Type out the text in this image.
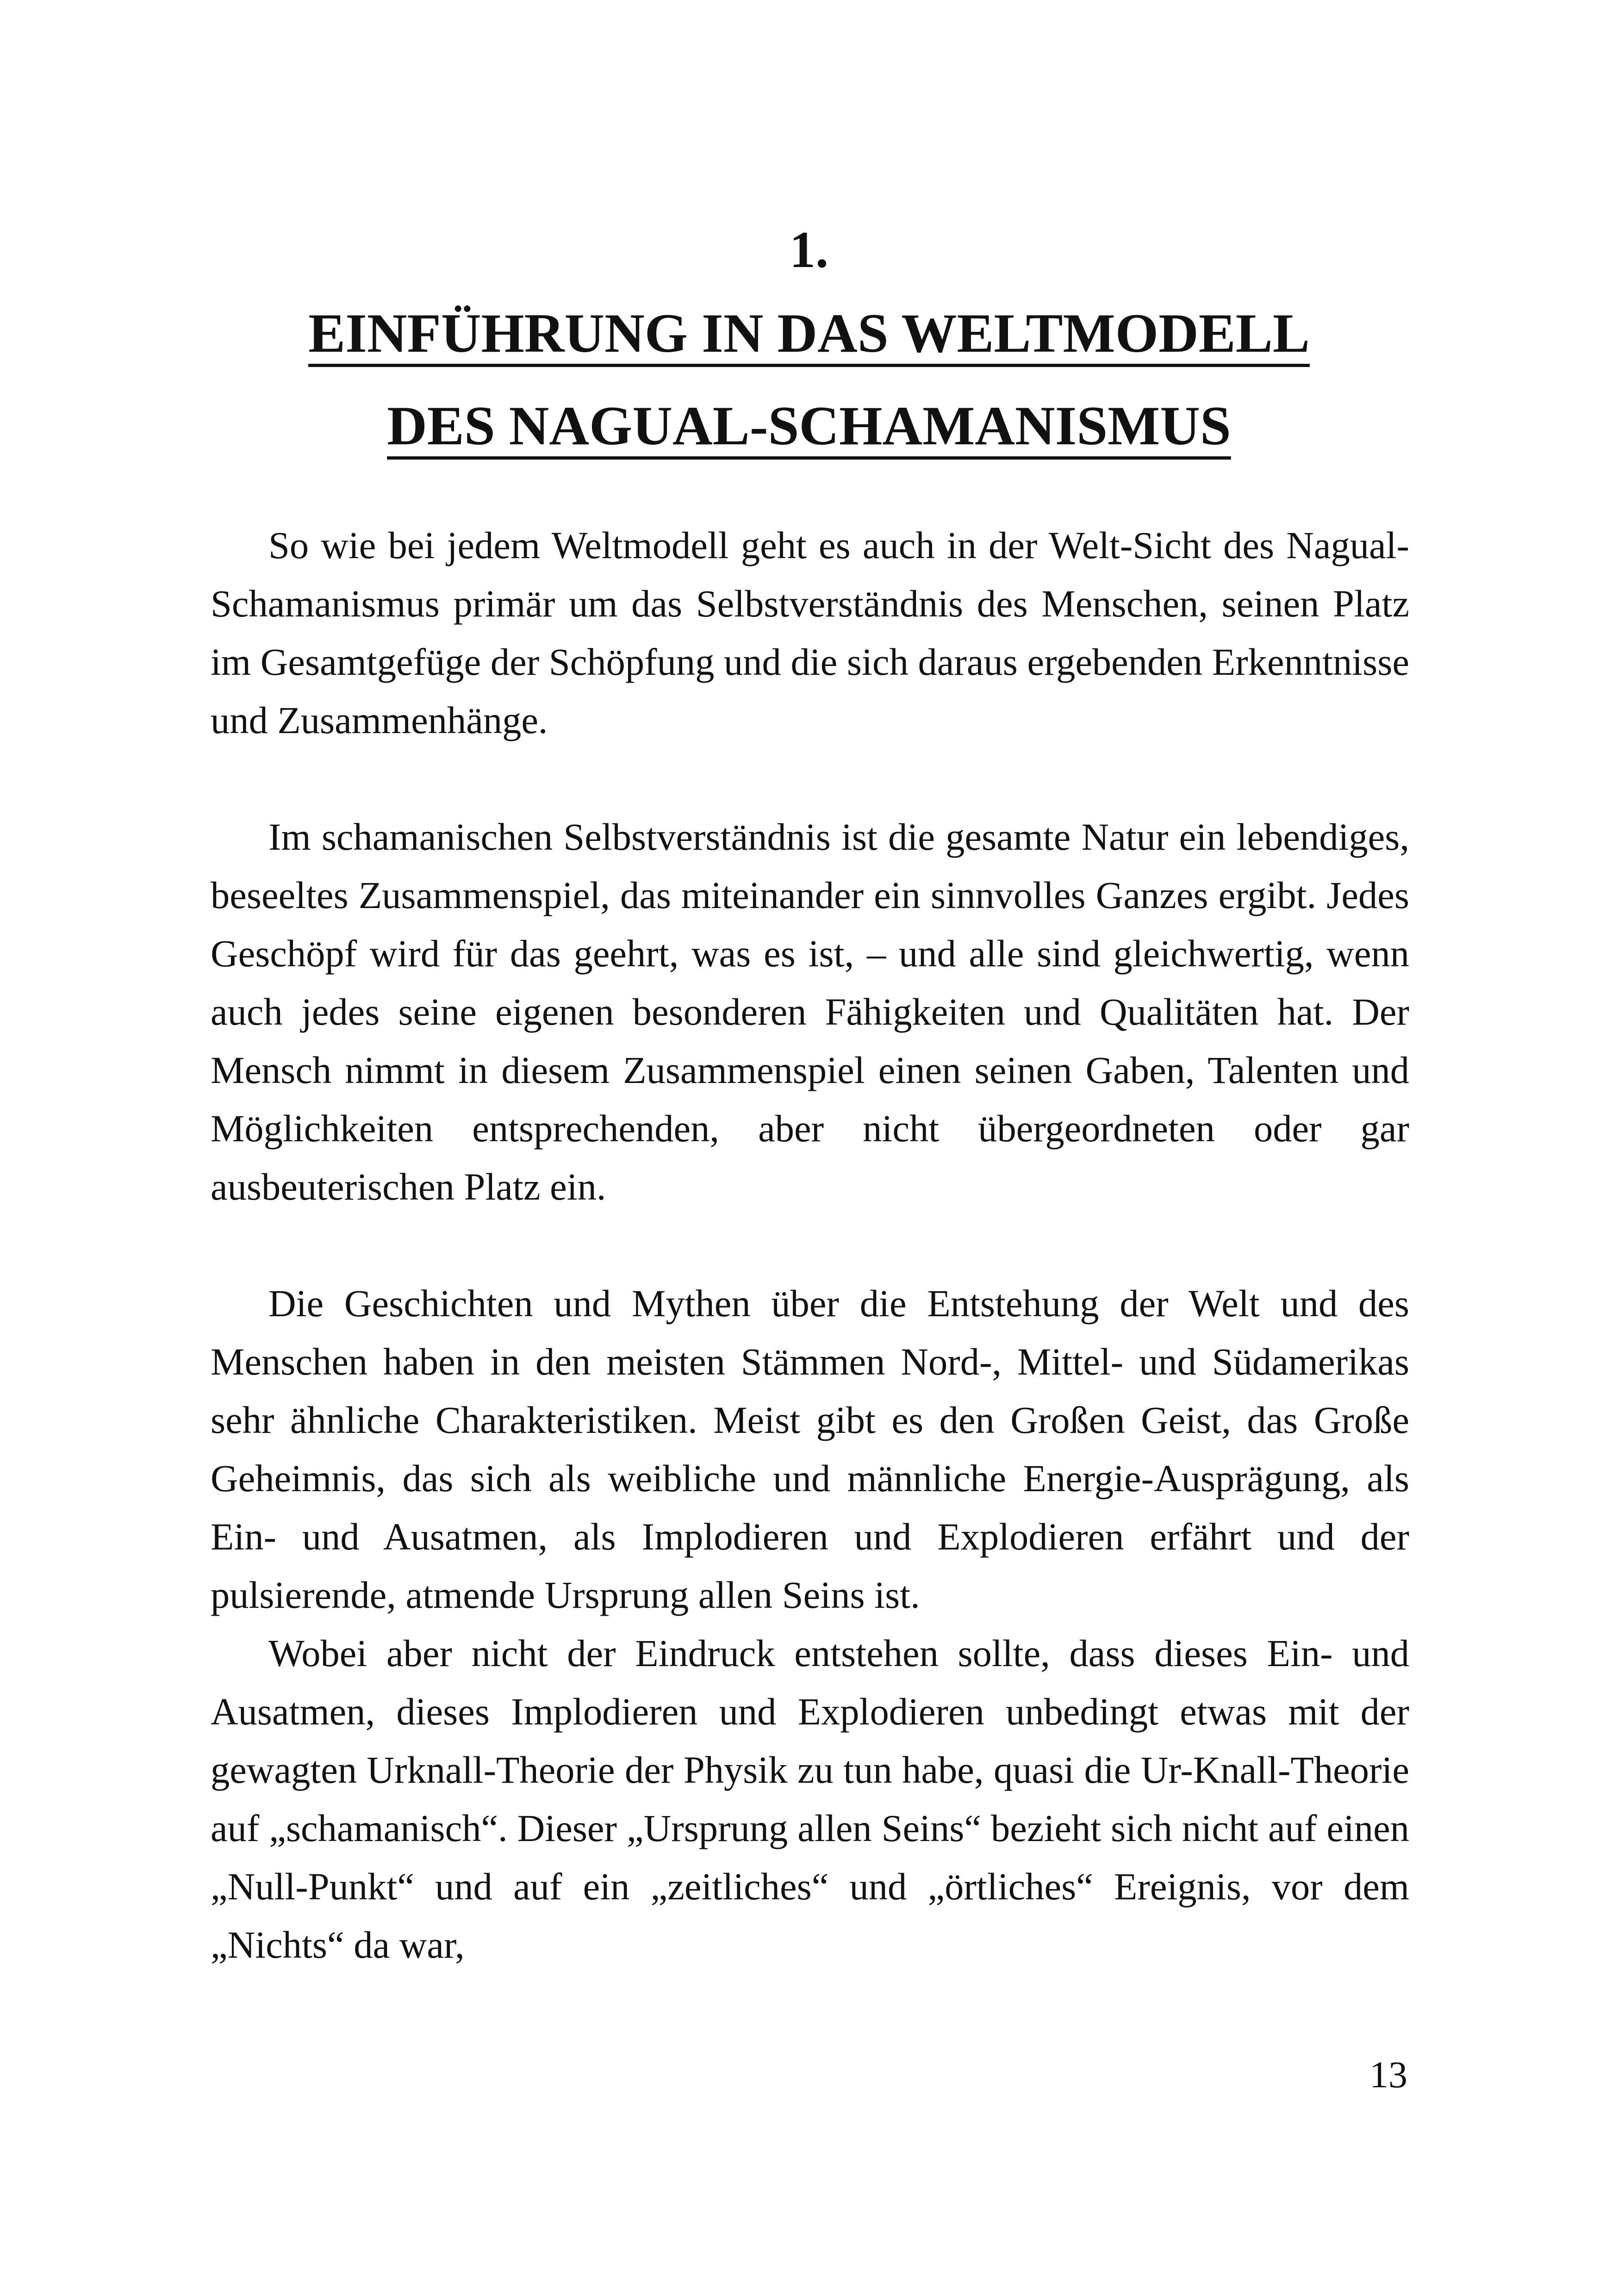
1.
EINFÜHRUNG IN DAS WELTMODELL
DES NAGUAL-SCHAMANISMUS

So wie bei jedem Weltmodell geht es auch in der Welt-Sicht des Nagual-Schamanismus primär um das Selbstverständnis des Menschen, seinen Platz im Gesamtgefüge der Schöpfung und die sich daraus ergebenden Erkenntnisse und Zusammenhänge.

Im schamanischen Selbstverständnis ist die gesamte Natur ein lebendiges, beseeltes Zusammenspiel, das miteinander ein sinnvolles Ganzes ergibt. Jedes Geschöpf wird für das geehrt, was es ist, – und alle sind gleichwertig, wenn auch jedes seine eigenen besonderen Fähigkeiten und Qualitäten hat. Der Mensch nimmt in diesem Zusammenspiel einen seinen Gaben, Talenten und Möglichkeiten entsprechenden, aber nicht übergeordneten oder gar ausbeuterischen Platz ein.

Die Geschichten und Mythen über die Entstehung der Welt und des Menschen haben in den meisten Stämmen Nord-, Mittel- und Südamerikas sehr ähnliche Charakteristiken. Meist gibt es den Großen Geist, das Große Geheimnis, das sich als weibliche und männliche Energie-Ausprägung, als Ein- und Ausatmen, als Implodieren und Explodieren erfährt und der pulsierende, atmende Ursprung allen Seins ist.

Wobei aber nicht der Eindruck entstehen sollte, dass dieses Ein- und Ausatmen, dieses Implodieren und Explodieren unbedingt etwas mit der gewagten Urknall-Theorie der Physik zu tun habe, quasi die Ur-Knall-Theorie auf „schamanisch“. Dieser „Ursprung allen Seins“ bezieht sich nicht auf einen „Null-Punkt“ und auf ein „zeitliches“ und „örtliches“ Ereignis, vor dem „Nichts“ da war,

13
